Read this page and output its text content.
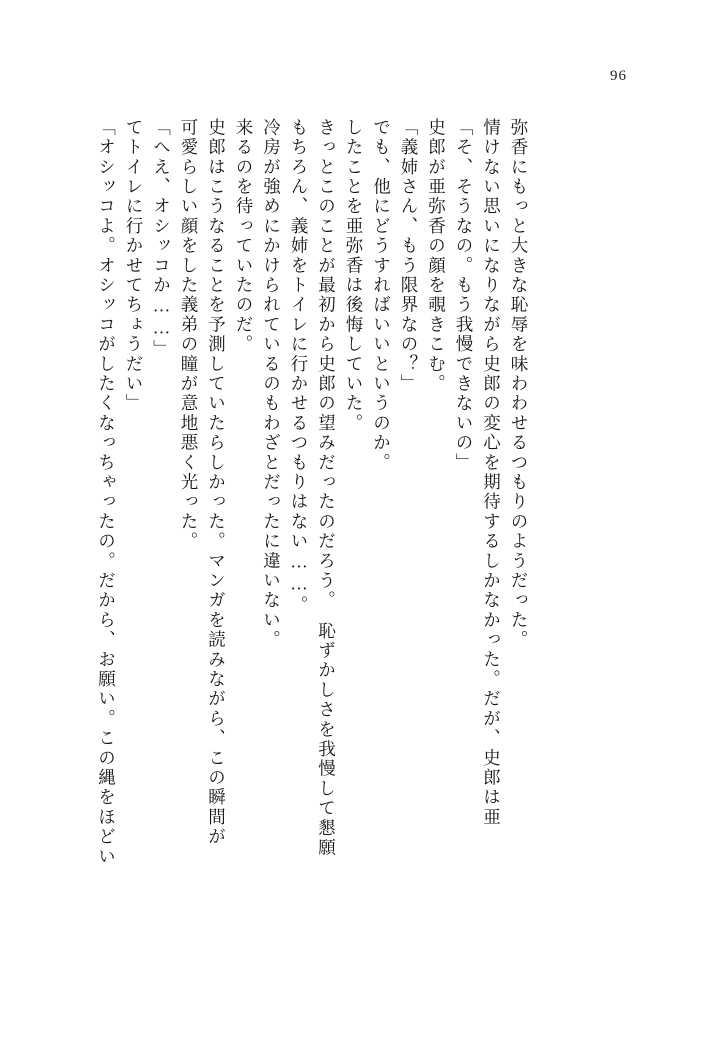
96
「オシッコよ。オシッコがしたくなっちゃったの。だから、お願い。この縄をほどい てトイレに行かせてちょうだい」 「へえ、オシッコか……」 可愛らしい顔をした義弟の瞳が意地悪く光った。 史郎はこうなることを予測していたらしかった。マンガを読みながら、この瞬間が 来るのを待っていたのだ。 冷房が強めにかけられているのもわざとだったに違いない。 もちろん、義姉をトイレに行かせるつもりはない……。 きっとこのことが最初から史郎の望みだったのだろう。　恥ずかしさを我慢して懇願 したことを亜弥香は後悔していた。 でも、他にどうすればいいというのか。 「義姉さん、もう限界なの？」 史郎が亜弥香の顔を覗きこむ。 「そ、そうなの。もう我慢できないの」 情けない思いになりながら史郎の変心を期待するしかなかった。だが、史郎は亜 弥香にもっと大きな恥辱を味わわせるつもりのようだった。
